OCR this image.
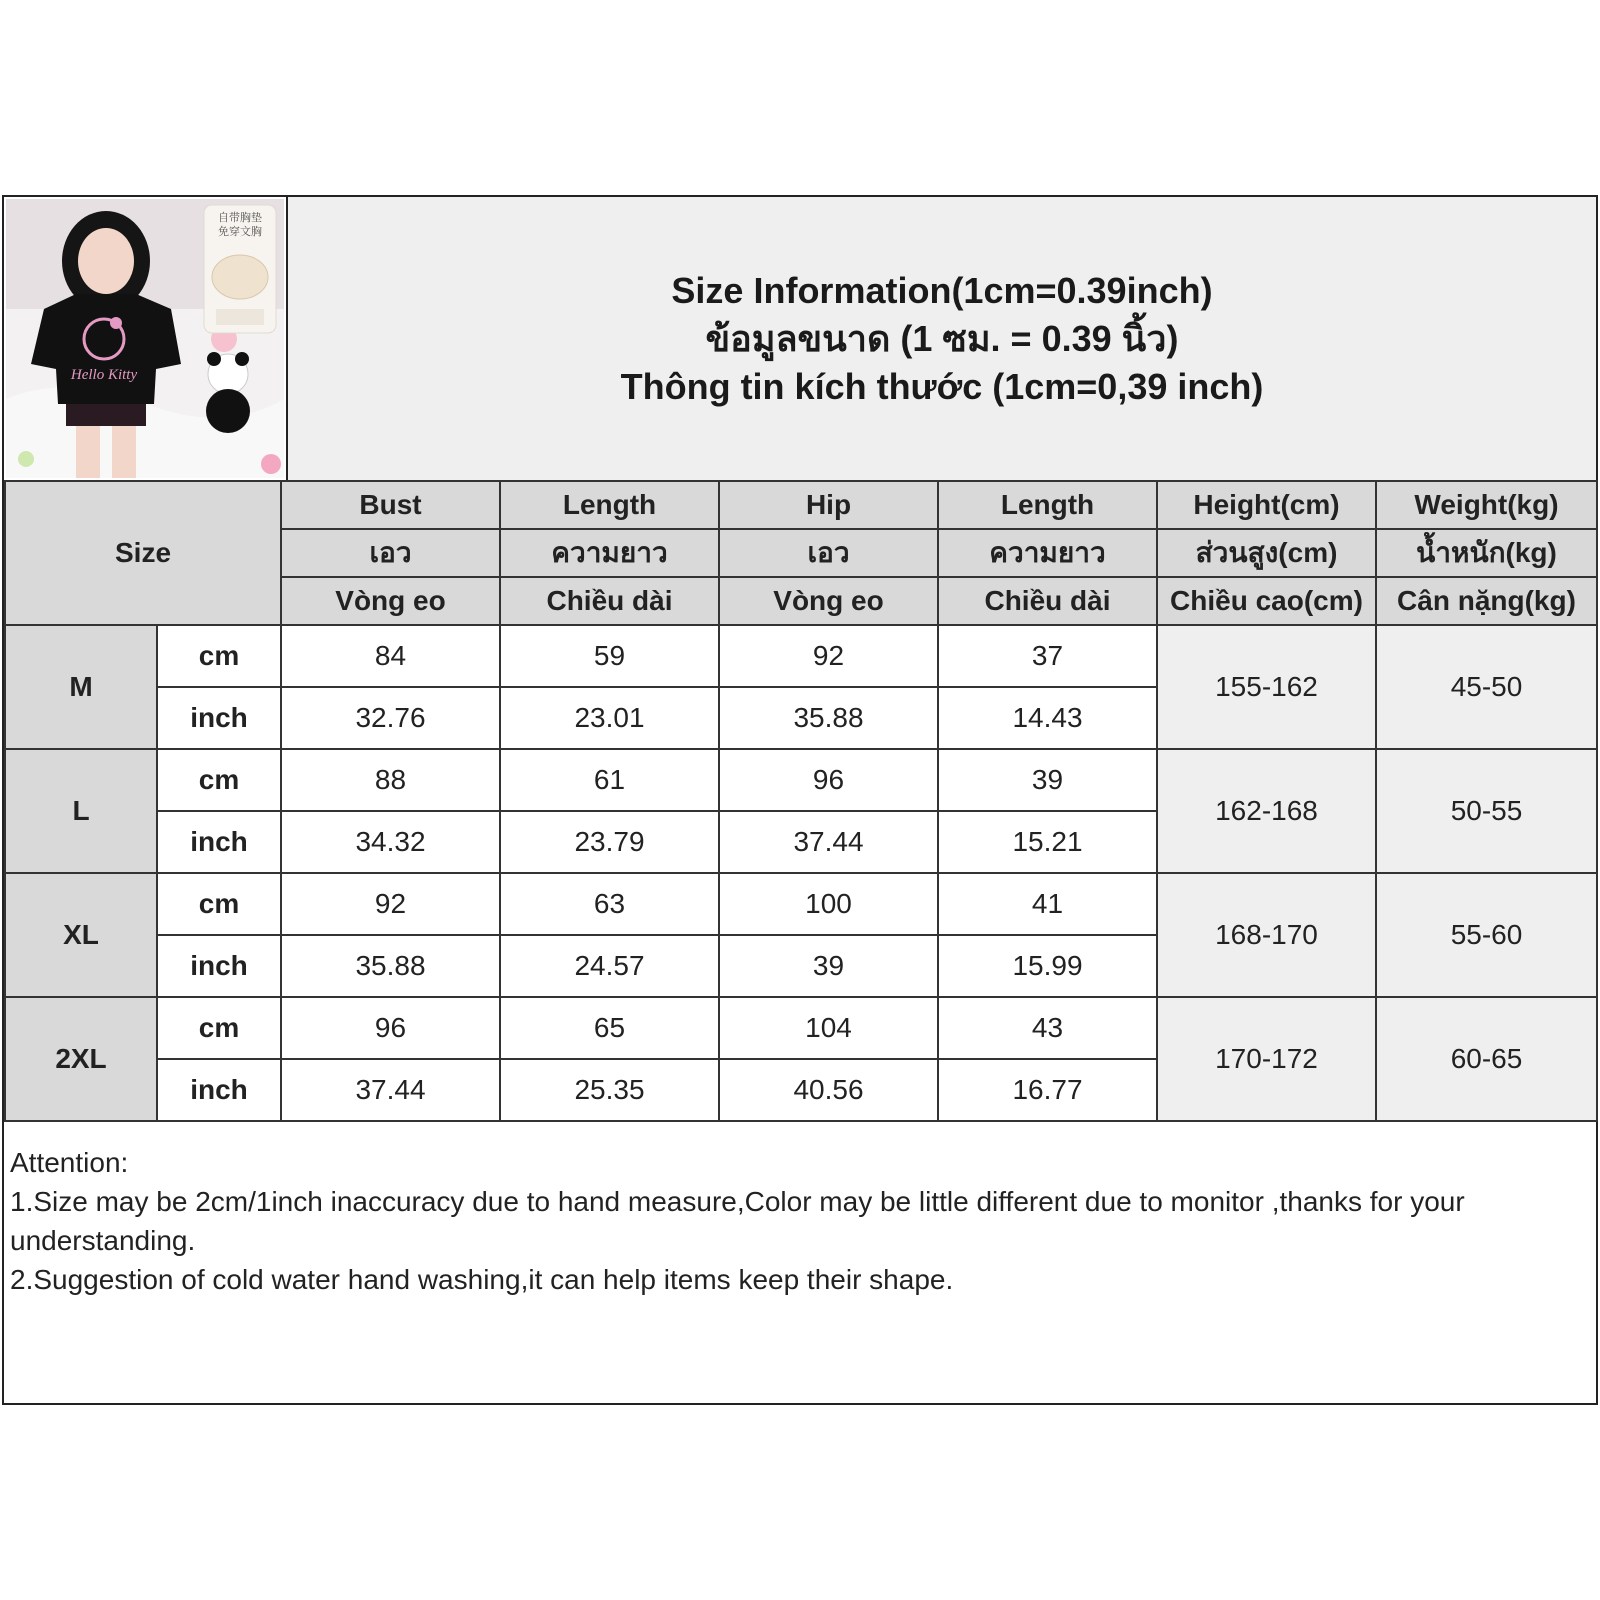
Hello Kitty
自带胸垫
免穿文胸
Size Information(1cm=0.39inch)
ข้อมูลขนาด (1 ซม. = 0.39 นิ้ว)
Thông tin kích thước (1cm=0,39 inch)
Size		Bust	Length	Hip	Length	Height(cm)	Weight(kg)
		เอว	ความยาว	เอว	ความยาว	ส่วนสูง(cm)	น้ำหนัก(kg)
		Vòng eo	Chiều dài	Vòng eo	Chiều dài	Chiều cao(cm)	Cân nặng(kg)
M	cm	84	59	92	37	155-162	45-50
	inch	32.76	23.01	35.88	14.43		
L	cm	88	61	96	39	162-168	50-55
	inch	34.32	23.79	37.44	15.21		
XL	cm	92	63	100	41	168-170	55-60
	inch	35.88	24.57	39	15.99		
2XL	cm	96	65	104	43	170-172	60-65
	inch	37.44	25.35	40.56	16.77		

Attention:

1.Size may be 2cm/1inch inaccuracy due to hand measure,Color may be little different due to monitor ,thanks for your understanding.

2.Suggestion of cold water hand washing,it can help items keep their shape.
